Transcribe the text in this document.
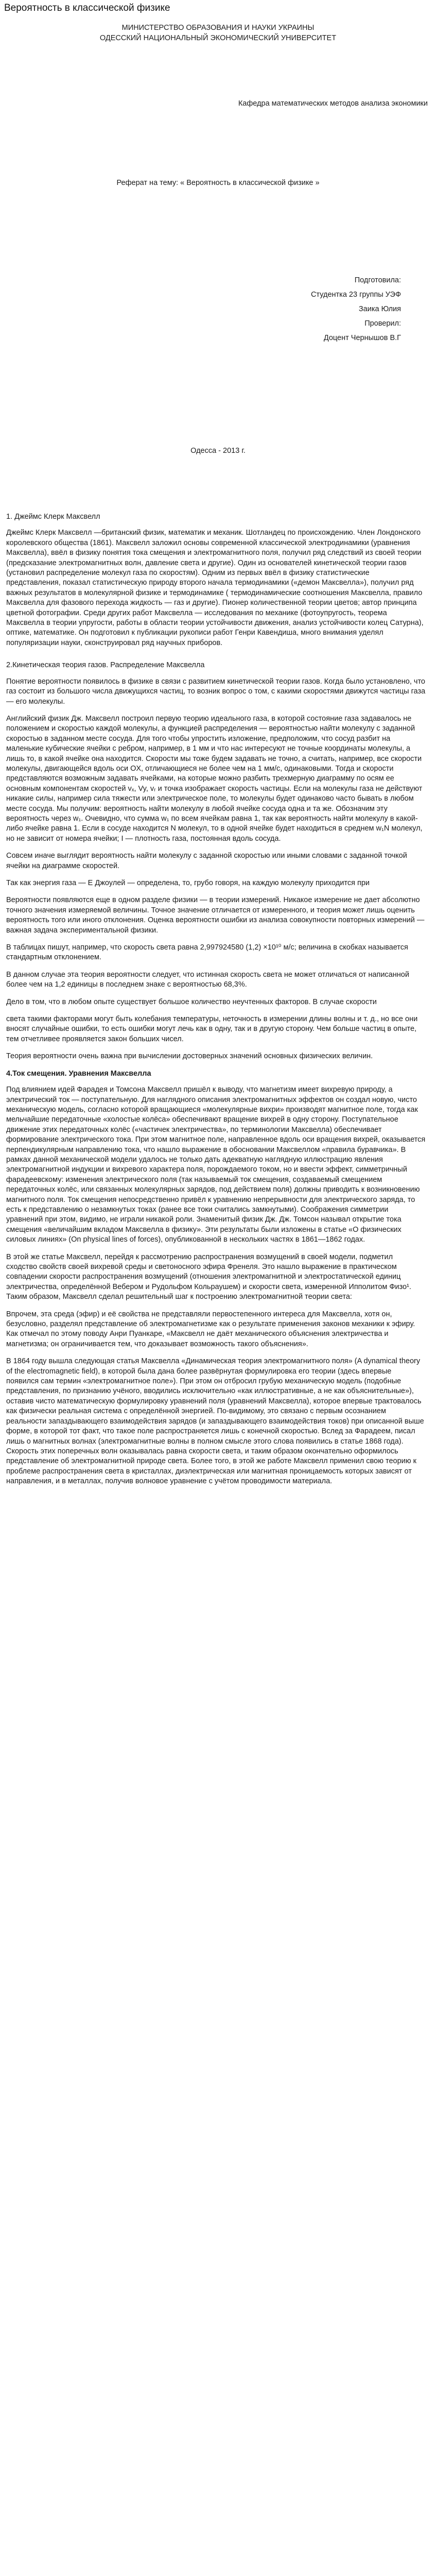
Вероятность в классической физике
МИНИСТЕРСТВО ОБРАЗОВАНИЯ И НАУКИ УКРАИНЫ
ОДЕССКИЙ НАЦИОНАЛЬНЫЙ ЭКОНОМИЧЕСКИЙ УНИВЕРСИТЕТ
Кафедра математических методов анализа экономики
Реферат на тему: « Вероятность в классической физике »
Подготовила:
Студентка 23 группы УЭФ
Заика Юлия
Проверил:
Доцент Чернышов В.Г
Одесса - 2013 г.

1. Джеймс Клерк Максвелл

Джеймс Клерк Максвелл —британский физик, математик и механик. Шотландец по происхождению. Член Лондонского королевского общества (1861). Максвелл заложил основы современной классической электродинамики (уравнения Максвелла), ввёл в физику понятия тока смещения и электромагнитного поля, получил ряд следствий из своей теории (предсказание электромагнитных волн, давление света и другие). Один из основателей кинетической теории газов (установил распределение молекул газа по скоростям). Одним из первых ввёл в физику статистические представления, показал статистическую природу второго начала термодинамики («демон Максвелла»), получил ряд важных результатов в молекулярной физике и термодинамике ( термодинамические соотношения Максвелла, правило Максвелла для фазового перехода жидкость — газ и другие). Пионер количественной теории цветов; автор принципа цветной фотографии. Среди других работ Максвелла — исследования по механике (фотоупругость, теорема Максвелла в теории упругости, работы в области теории устойчивости движения, анализ устойчивости колец Сатурна), оптике, математике. Он подготовил к публикации рукописи работ Генри Кавендиша, много внимания уделял популяризации науки, сконструировал ряд научных приборов.

2.Кинетическая теория газов. Распределение Максвелла

Понятие вероятности появилось в физике в связи с развитием кинетической теории газов. Когда было установлено, что газ состоит из большого числа движущихся частиц, то возник вопрос о том, с какими скоростями движутся частицы газа — его молекулы.

Английский физик Дж. Максвелл построил первую теорию идеального газа, в которой состояние газа задавалось не положением и скоростью каждой молекулы, а функцией распределения — вероятностью найти молекулу с заданной скоростью в заданном месте сосуда. Для того чтобы упростить изложение, предположим, что сосуд разбит на маленькие кубические ячейки с ребром, например, в 1 мм и что нас интересуют не точные координаты молекулы, а лишь то, в какой ячейке она находится. Скорости мы тоже будем задавать не точно, а считать, например, все скорости молекулы, двигающейся вдоль оси ОX, отличающиеся не более чем на 1 мм/с, одинаковыми. Тогда и скорости представляются возможным задавать ячейками, на которые можно разбить трехмерную диаграмму по осям ее основным компонентам скоростей vₓ, Vy, vᵣ и точка изображает скорость частицы. Если на молекулы газа не действуют никакие силы, например сила тяжести или электрическое поле, то молекулы будет одинаково часто бывать в любом месте сосуда. Мы получим: вероятность найти молекулу в любой ячейке сосуда одна и та же. Обозначим эту вероятность через w₁. Очевидно, что сумма w₁ по всем ячейкам равна 1, так как вероятность найти молекулу в какой-либо ячейке равна 1. Если в сосуде находится N молекул, то в одной ячейке будет находиться в среднем w₁N молекул, но не зависит от номера ячейки; I — плотность газа, постоянная вдоль сосуда.

Совсем иначе выглядит вероятность найти молекулу с заданной скоростью или иными словами с заданной точкой ячейки на диаграмме скоростей.

Так как энергия газа — Е Джоулей — определена, то, грубо говоря, на каждую молекулу приходится при

Вероятности появляются еще в одном разделе физики — в теории измерений. Никакое измерение не дает абсолютно точного значения измеряемой величины. Точное значение отличается от измеренного, и теория может лишь оценить вероятность того или иного отклонения. Оценка вероятности ошибки из анализа совокупности повторных измерений — важная задача экспериментальной физики.

В таблицах пишут, например, что скорость света равна 2,997924580 (1,2) ×10¹⁰ м/с; величина в скобках называется стандартным отклонением.

В данном случае эта теория вероятности следует, что истинная скорость света не может отличаться от написанной более чем на 1,2 единицы в последнем знаке с вероятностью 68,3%.

Дело в том, что в любом опыте существует большое количество неучтенных факторов. В случае скорости

света такими факторами могут быть колебания температуры, неточность в измерении длины волны и т. д., но все они вносят случайные ошибки, то есть ошибки могут лечь как в одну, так и в другую сторону. Чем больше частиц в опыте, тем отчетливее проявляется закон больших чисел.

Теория вероятности очень важна при вычислении достоверных значений основных физических величин.

4.Ток смещения. Уравнения Максвелла

Под влиянием идей Фарадея и Томсона Максвелл пришёл к выводу, что магнетизм имеет вихревую природу, а электрический ток — поступательную. Для наглядного описания электромагнитных эффектов он создал новую, чисто механическую модель, согласно которой вращающиеся «молекулярные вихри» производят магнитное поле, тогда как мельчайшие передаточные «холостые колёса» обеспечивают вращение вихрей в одну сторону. Поступательное движение этих передаточных колёс («частичек электричества», по терминологии Максвелла) обеспечивает формирование электрического тока. При этом магнитное поле, направленное вдоль оси вращения вихрей, оказывается перпендикулярным направлению тока, что нашло выражение в обосновании Максвеллом «правила буравчика». В рамках данной механической модели удалось не только дать адекватную наглядную иллюстрацию явления электромагнитной индукции и вихревого характера поля, порождаемого током, но и ввести эффект, симметричный фарадеевскому: изменения электрического поля (так называемый ток смещения, создаваемый смещением передаточных колёс, или связанных молекулярных зарядов, под действием поля) должны приводить к возникновению магнитного поля. Ток смещения непосредственно привёл к уравнению непрерывности для электрического заряда, то есть к представлению о незамкнутых токах (ранее все токи считались замкнутыми). Соображения симметрии уравнений при этом, видимо, не играли никакой роли. Знаменитый физик Дж. Дж. Томсон называл открытие тока смещения «величайшим вкладом Максвелла в физику». Эти результаты были изложены в статье «О физических силовых линиях» (On physical lines of forces), опубликованной в нескольких частях в 1861—1862 годах.

В этой же статье Максвелл, перейдя к рассмотрению распространения возмущений в своей модели, подметил сходство свойств своей вихревой среды и светоносного эфира Френеля. Это нашло выражение в практическом совпадении скорости распространения возмущений (отношения электромагнитной и электростатической единиц электричества, определённой Вебером и Рудольфом Кольраушем) и скорости света, измеренной Ипполитом Физо¹. Таким образом, Максвелл сделал решительный шаг к построению электромагнитной теории света:

Впрочем, эта среда (эфир) и её свойства не представляли первостепенного интереса для Максвелла, хотя он, безусловно, разделял представление об электромагнетизме как о результате применения законов механики к эфиру. Как отмечал по этому поводу Анри Пуанкаре, «Максвелл не даёт механического объяснения электричества и магнетизма; он ограничивается тем, что доказывает возможность такого объяснения».

В 1864 году вышла следующая статья Максвелла «Динамическая теория электромагнитного поля» (A dynamical theory of the electromagnetic field), в которой была дана более развёрнутая формулировка его теории (здесь впервые появился сам термин «электромагнитное поле»). При этом он отбросил грубую механическую модель (подобные представления, по признанию учёного, вводились исключительно «как иллюстративные, а не как объяснительные»), оставив чисто математическую формулировку уравнений поля (уравнений Максвелла), которое впервые трактовалось как физически реальная система с определённой энергией. По-видимому, это связано с первым осознанием реальности запаздывающего взаимодействия зарядов (и запаздывающего взаимодействия токов) при описанной выше форме, в которой тот факт, что такое поле распространяется лишь с конечной скоростью. Вслед за Фарадеем, писал лишь о магнитных волнах (электромагнитные волны в полном смысле этого слова появились в статье 1868 года). Скорость этих поперечных волн оказывалась равна скорости света, и таким образом окончательно оформилось представление об электромагнитной природе света. Более того, в этой же работе Максвелл применил свою теорию к проблеме распространения света в кристаллах, диэлектрическая или магнитная проницаемость которых зависят от направления, и в металлах, получив волновое уравнение с учётом проводимости материала.
